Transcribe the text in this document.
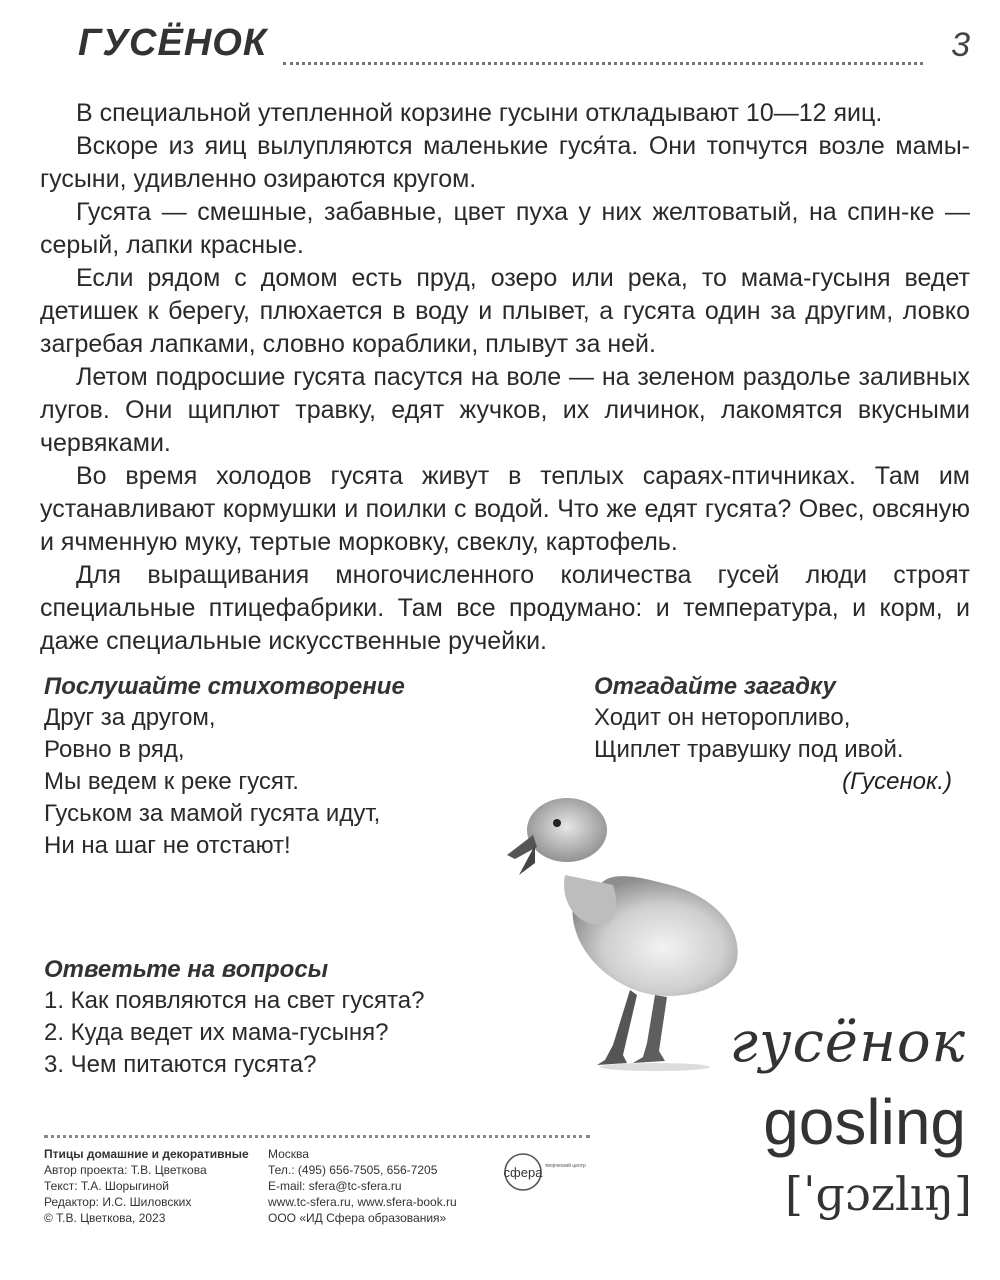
ГУСЁНОК	3

В специальной утепленной корзине гусыни откладывают 10—12 яиц.

Вскоре из яиц вылупляются маленькие гуся́та. Они топчутся возле мамы-гусыни, удивленно озираются кругом.

Гусята — смешные, забавные, цвет пуха у них желтоватый, на спин-ке — серый, лапки красные.

Если рядом с домом есть пруд, озеро или река, то мама-гусыня ведет детишек к берегу, плюхается в воду и плывет, а гусята один за другим, ловко загребая лапками, словно кораблики, плывут за ней.

Летом подросшие гусята пасутся на воле — на зеленом раздолье заливных лугов. Они щиплют травку, едят жучков, их личинок, лакомятся вкусными червяками.

Во время холодов гусята живут в теплых сараях-птичниках. Там им устанавливают кормушки и поилки с водой. Что же едят гусята? Овес, овсяную и ячменную муку, тертые морковку, свеклу, картофель.

Для выращивания многочисленного количества гусей люди строят специальные птицефабрики. Там все продумано: и температура, и корм, и даже специальные искусственные ручейки.

Послушайте стихотворение
Друг за другом,
Ровно в ряд,
Мы ведем к реке гусят.
Гуськом за мамой гусята идут,
Ни на шаг не отстают!
Отгадайте загадку
Ходит он неторопливо,
Щиплет травушку под ивой.
(Гусенок.)
Ответьте на вопросы
1. Как появляются на свет гусята?
2. Куда ведет их мама-гусыня?
3. Чем питаются гусята?	гусёнок
gosling
[ˈɡɔzlıŋ]
Птицы домашние и декоративные
Автор проекта: Т.В. Цветкова
Текст: Т.А. Шорыгиной
Редактор: И.С. Шиловских
© Т.В. Цветкова, 2023
Москва
Тел.: (495) 656-7505, 656-7205
E-mail: sfera@tc-sfera.ru
www.tc-sfera.ru, www.sfera-book.ru
ООО «ИД Сфера образования»
сфера творческий центр
